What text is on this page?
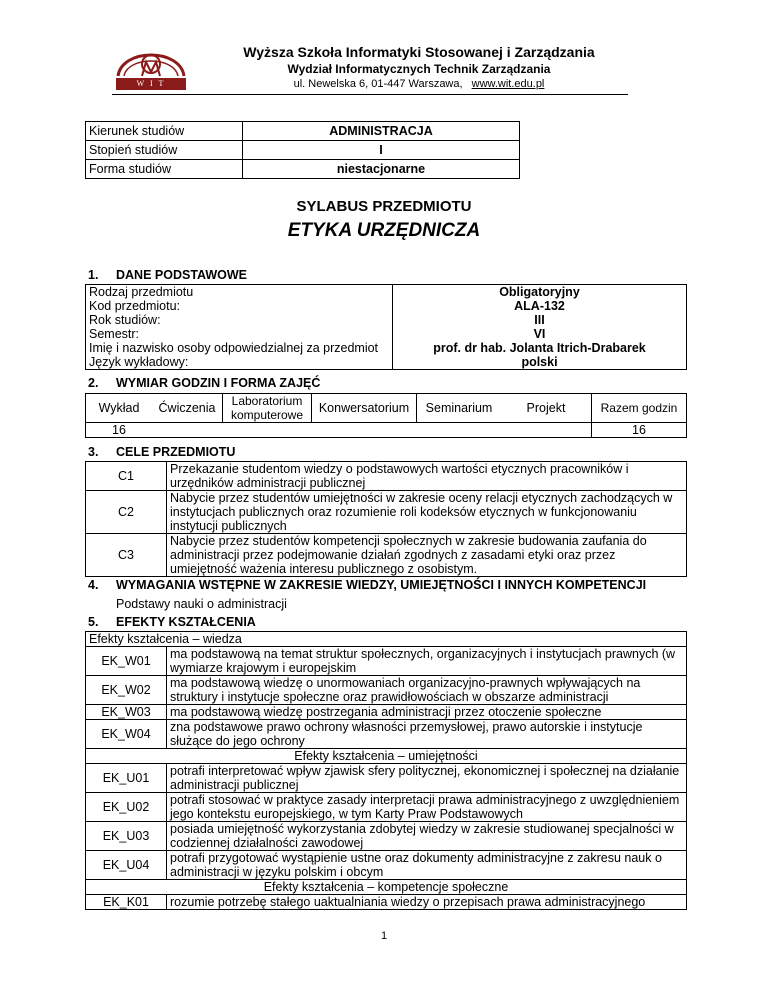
W I T
Wyższa Szkoła Informatyki Stosowanej i Zarządzania
Wydział Informatycznych Technik Zarządzania
ul. Newelska 6, 01-447 Warszawa, www.wit.edu.pl
Kierunek studiów	ADMINISTRACJA
Stopień studiów	I
Forma studiów	niestacjonarne
SYLABUS PRZEDMIOTU
ETYKA URZĘDNICZA
1. DANE PODSTAWOWE
Rodzaj przedmiotu	Obligatoryjny
Kod przedmiotu:	ALA-132
Rok studiów:	III
Semestr:	VI
Imię i nazwisko osoby odpowiedzialnej za przedmiot	prof. dr hab. Jolanta Itrich-Drabarek
Język wykładowy:	polski
2. WYMIAR GODZIN I FORMA ZAJĘĆ
Wykład	Ćwiczenia	Laboratorium komputerowe	Konwersatorium	Seminarium	Projekt	Razem godzin
16						16
3. CELE PRZEDMIOTU
C1	Przekazanie studentom wiedzy o podstawowych wartości etycznych pracowników i urzędników administracji publicznej
C2	Nabycie przez studentów umiejętności w zakresie oceny relacji etycznych zachodzących w instytucjach publicznych oraz rozumienie roli kodeksów etycznych w funkcjonowaniu instytucji publicznych
C3	Nabycie przez studentów kompetencji społecznych w zakresie budowania zaufania do administracji przez podejmowanie działań zgodnych z zasadami etyki oraz przez umiejętność ważenia interesu publicznego z osobistym.
4. WYMAGANIA WSTĘPNE W ZAKRESIE WIEDZY, UMIEJĘTNOŚCI I INNYCH KOMPETENCJI
Podstawy nauki o administracji
5. EFEKTY KSZTAŁCENIA
Efekty kształcenia – wiedza	
EK_W01	ma podstawową na temat struktur społecznych, organizacyjnych i instytucjach prawnych (w wymiarze krajowym i europejskim
EK_W02	ma podstawową wiedzę o unormowaniach organizacyjno-prawnych wpływających na struktury i instytucje społeczne oraz prawidłowościach w obszarze administracji
EK_W03	ma podstawową wiedzę postrzegania administracji przez otoczenie społeczne
EK_W04	zna podstawowe prawo ochrony własności przemysłowej, prawo autorskie i instytucje służące do jego ochrony
Efekty kształcenia – umiejętności	
EK_U01	potrafi interpretować wpływ zjawisk sfery politycznej, ekonomicznej i społecznej na działanie administracji publicznej
EK_U02	potrafi stosować w praktyce zasady interpretacji prawa administracyjnego z uwzględnieniem jego kontekstu europejskiego, w tym Karty Praw Podstawowych
EK_U03	posiada umiejętność wykorzystania zdobytej wiedzy w zakresie studiowanej specjalności w codziennej działalności zawodowej
EK_U04	potrafi przygotować wystąpienie ustne oraz dokumenty administracyjne z zakresu nauk o administracji w języku polskim i obcym
Efekty kształcenia – kompetencje społeczne	
EK_K01	rozumie potrzebę stałego uaktualniania wiedzy o przepisach prawa administracyjnego
1
